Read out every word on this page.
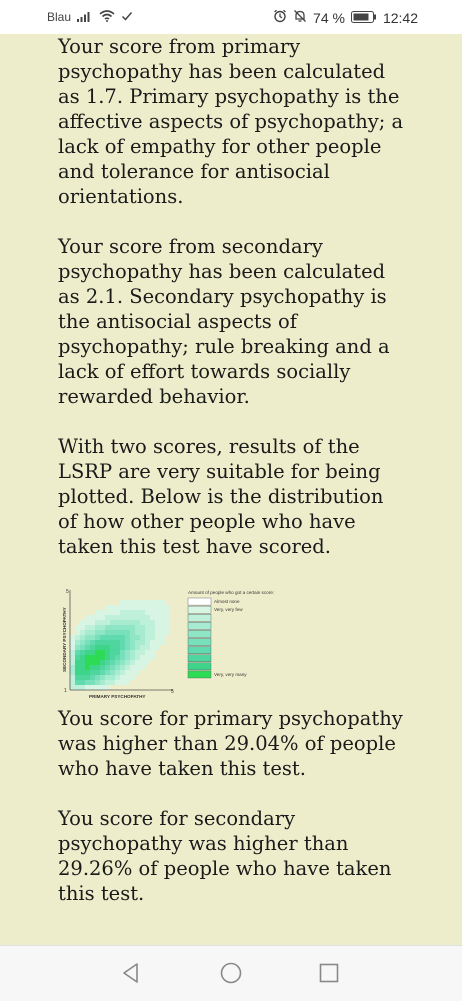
Blau	74 %	12:42

Your score from primary psychopathy has been calculated as 1.7. Primary psychopathy is the affective aspects of psychopathy; a lack of empathy for other people and tolerance for antisocial orientations.

Your score from secondary psychopathy has been calculated as 2.1. Secondary psychopathy is the antisocial aspects of psychopathy; rule breaking and a lack of effort towards socially rewarded behavior.

With two scores, results of the LSRP are very suitable for being plotted. Below is the distribution of how other people who have taken this test have scored.

5
1	5
SECONDARY PSYCHOPATHY
PRIMARY PSYCHOPATHY
Almost none
Very, very few
Very, very many
Amount of people who got a certain score:

You score for primary psychopathy was higher than 29.04% of people who have taken this test.

You score for secondary psychopathy was higher than 29.26% of people who have taken this test.
